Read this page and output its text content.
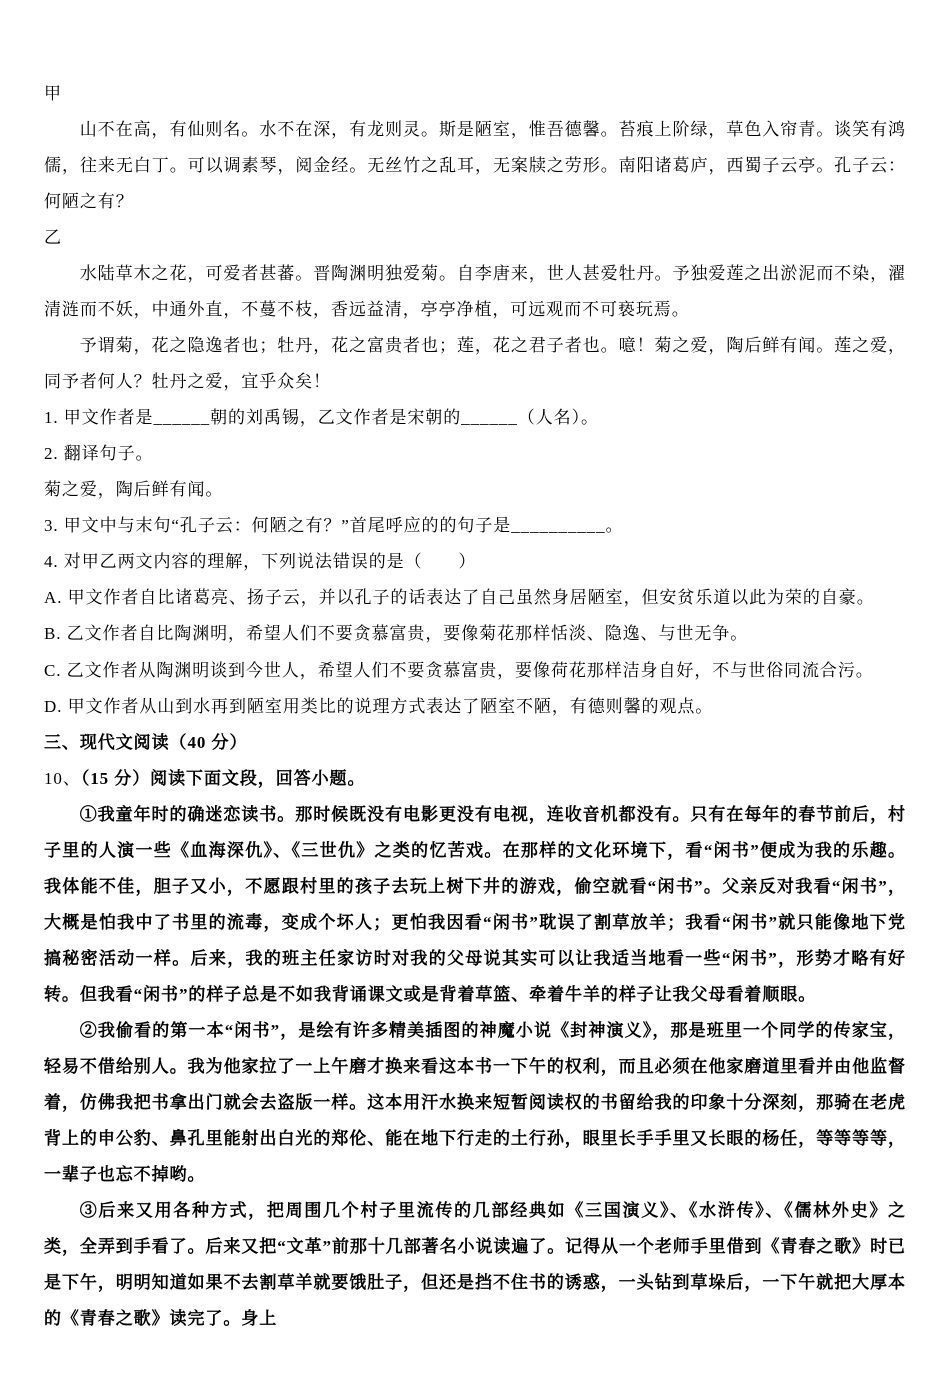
甲

山不在高，有仙则名。水不在深，有龙则灵。斯是陋室，惟吾德馨。苔痕上阶绿，草色入帘青。谈笑有鸿儒，往来无白丁。可以调素琴，阅金经。无丝竹之乱耳，无案牍之劳形。南阳诸葛庐，西蜀子云亭。孔子云：何陋之有？

乙

水陆草木之花，可爱者甚蕃。晋陶渊明独爱菊。自李唐来，世人甚爱牡丹。予独爱莲之出淤泥而不染，濯清涟而不妖，中通外直，不蔓不枝，香远益清，亭亭净植，可远观而不可亵玩焉。

予谓菊，花之隐逸者也；牡丹，花之富贵者也；莲，花之君子者也。噫！菊之爱，陶后鲜有闻。莲之爱，同予者何人？牡丹之爱，宜乎众矣！

1. 甲文作者是______朝的刘禹锡，乙文作者是宋朝的______（人名）。

2. 翻译句子。

菊之爱，陶后鲜有闻。

3. 甲文中与末句“孔子云：何陋之有？”首尾呼应的的句子是__________。

4. 对甲乙两文内容的理解，下列说法错误的是（　　）

A. 甲文作者自比诸葛亮、扬子云，并以孔子的话表达了自己虽然身居陋室，但安贫乐道以此为荣的自豪。

B. 乙文作者自比陶渊明，希望人们不要贪慕富贵，要像菊花那样恬淡、隐逸、与世无争。

C. 乙文作者从陶渊明谈到今世人，希望人们不要贪慕富贵，要像荷花那样洁身自好，不与世俗同流合污。

D. 甲文作者从山到水再到陋室用类比的说理方式表达了陋室不陋，有德则馨的观点。

三、现代文阅读（40 分）

10、（15 分）阅读下面文段，回答小题。

①我童年时的确迷恋读书。那时候既没有电影更没有电视，连收音机都没有。只有在每年的春节前后，村子里的人演一些《血海深仇》、《三世仇》之类的忆苦戏。在那样的文化环境下，看“闲书”便成为我的乐趣。我体能不佳，胆子又小，不愿跟村里的孩子去玩上树下井的游戏，偷空就看“闲书”。父亲反对我看“闲书”，大概是怕我中了书里的流毒，变成个坏人；更怕我因看“闲书”耽误了割草放羊；我看“闲书”就只能像地下党搞秘密活动一样。后来，我的班主任家访时对我的父母说其实可以让我适当地看一些“闲书”，形势才略有好转。但我看“闲书”的样子总是不如我背诵课文或是背着草篮、牵着牛羊的样子让我父母看着顺眼。

②我偷看的第一本“闲书”，是绘有许多精美插图的神魔小说《封神演义》，那是班里一个同学的传家宝，轻易不借给别人。我为他家拉了一上午磨才换来看这本书一下午的权利，而且必须在他家磨道里看并由他监督着，仿佛我把书拿出门就会去盗版一样。这本用汗水换来短暂阅读权的书留给我的印象十分深刻，那骑在老虎背上的申公豹、鼻孔里能射出白光的郑伦、能在地下行走的土行孙，眼里长手手里又长眼的杨任，等等等等，一辈子也忘不掉哟。

③后来又用各种方式，把周围几个村子里流传的几部经典如《三国演义》、《水浒传》、《儒林外史》之类，全弄到手看了。后来又把“文革”前那十几部著名小说读遍了。记得从一个老师手里借到《青春之歌》时已是下午，明明知道如果不去割草羊就要饿肚子，但还是挡不住书的诱惑，一头钻到草垛后，一下午就把大厚本的《青春之歌》读完了。身上
